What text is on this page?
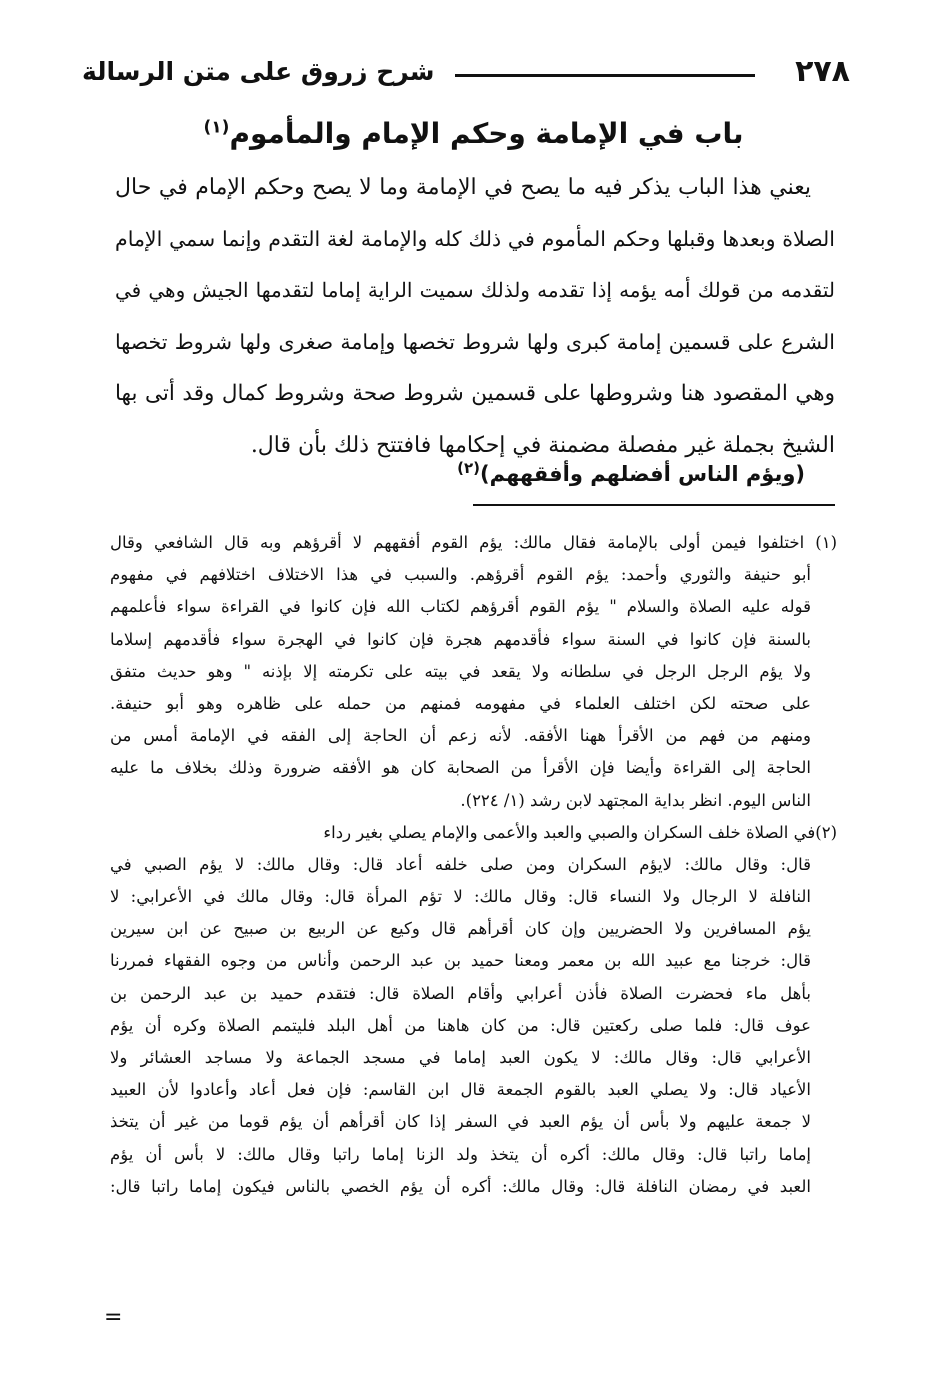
٢٧٨
شرح زروق على متن الرسالة
باب في الإمامة وحكم الإمام والمأموم$^{(١)}$
يعني هذا الباب يذكر فيه ما يصح في الإمامة وما لا يصح وحكم الإمام في حال
الصلاة وبعدها وقبلها وحكم المأموم في ذلك كله والإمامة لغة التقدم وإنما سمي الإمام
لتقدمه من قولك أمه يؤمه إذا تقدمه ولذلك سميت الراية إماما لتقدمها الجيش وهي في
الشرع على قسمين إمامة كبرى ولها شروط تخصها وإمامة صغرى ولها شروط تخصها
وهي المقصود هنا وشروطها على قسمين شروط صحة وشروط كمال وقد أتى بها
الشيخ بجملة غير مفصلة مضمنة في إحكامها فافتتح ذلك بأن قال.
(ويؤم الناس أفضلهم وأفقههم)$^{(٢)}$
(١) اختلفوا فيمن أولى بالإمامة فقال مالك: يؤم القوم أفقههم لا أقرؤهم وبه قال الشافعي وقال
أبو حنيفة والثوري وأحمد: يؤم القوم أقرؤهم. والسبب في هذا الاختلاف اختلافهم في مفهوم
قوله عليه الصلاة والسلام " يؤم القوم أقرؤهم لكتاب الله فإن كانوا في القراءة سواء فأعلمهم
بالسنة فإن كانوا في السنة سواء فأقدمهم هجرة فإن كانوا في الهجرة سواء فأقدمهم إسلاما
ولا يؤم الرجل الرجل في سلطانه ولا يقعد في بيته على تكرمته إلا بإذنه " وهو حديث متفق
على صحته لكن اختلف العلماء في مفهومه فمنهم من حمله على ظاهره وهو أبو حنيفة.
ومنهم من فهم من الأقرأ ههنا الأفقه. لأنه زعم أن الحاجة إلى الفقه في الإمامة أمس من
الحاجة إلى القراءة وأيضا فإن الأقرأ من الصحابة كان هو الأفقه ضرورة وذلك بخلاف ما عليه
الناس اليوم. انظر بداية المجتهد لابن رشد (١/ ٢٢٤).
(٢)في الصلاة خلف السكران والصبي والعبد والأعمى والإمام يصلي بغير رداء
قال: وقال مالك: لايؤم السكران ومن صلى خلفه أعاد قال: وقال مالك: لا يؤم الصبي في
النافلة لا الرجال ولا النساء قال: وقال مالك: لا تؤم المرأة قال: وقال مالك في الأعرابي: لا
يؤم المسافرين ولا الحضريين وإن كان أقرأهم قال وكيع عن الربيع بن صبيح عن ابن سيرين
قال: خرجنا مع عبيد الله بن معمر ومعنا حميد بن عبد الرحمن وأناس من وجوه الفقهاء فمررنا
بأهل ماء فحضرت الصلاة فأذن أعرابي وأقام الصلاة قال: فتقدم حميد بن عبد الرحمن بن
عوف قال: فلما صلى ركعتين قال: من كان هاهنا من أهل البلد فليتمم الصلاة وكره أن يؤم
الأعرابي قال: وقال مالك: لا يكون العبد إماما في مسجد الجماعة ولا مساجد العشائر ولا
الأعياد قال: ولا يصلي العبد بالقوم الجمعة قال ابن القاسم: فإن فعل أعاد وأعادوا لأن العبيد
لا جمعة عليهم ولا بأس أن يؤم العبد في السفر إذا كان أقرأهم أن يؤم قوما من غير أن يتخذ
إماما راتبا قال: وقال مالك: أكره أن يتخذ ولد الزنا إماما راتبا وقال مالك: لا بأس أن يؤم
العبد في رمضان النافلة قال: وقال مالك: أكره أن يؤم الخصي بالناس فيكون إماما راتبا قال:
=
